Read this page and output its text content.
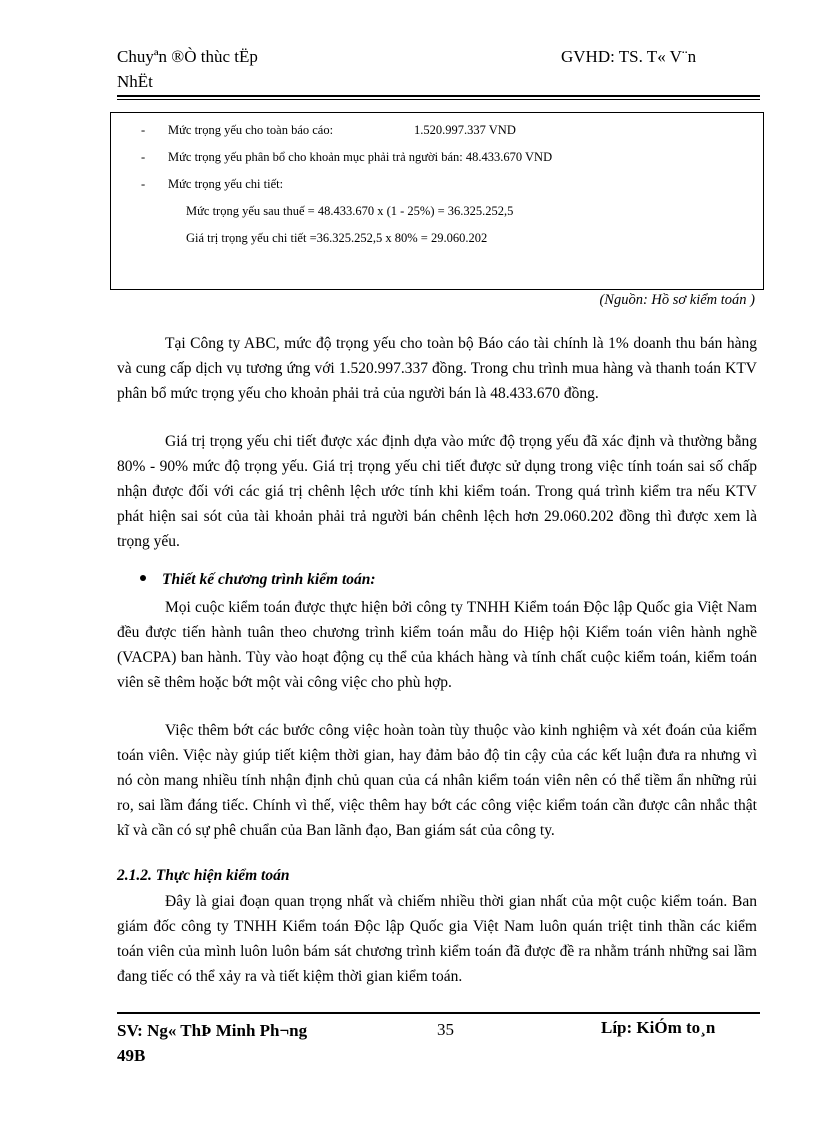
Chuyªn ®Ò thùc tËp
NhËt
GVHD: TS. T« V¨n
- Mức trọng yếu cho toàn báo cáo:	1.520.997.337 VND
- Mức trọng yếu phân bổ cho khoản mục phải trả người bán: 48.433.670 VND
- Mức trọng yếu chi tiết:
Mức trọng yếu sau thuế = 48.433.670 x (1 - 25%) = 36.325.252,5
Giá trị trọng yếu chi tiết =36.325.252,5 x 80% = 29.060.202
(Nguồn: Hồ sơ kiểm toán )

Tại Công ty ABC, mức độ trọng yếu cho toàn bộ Báo cáo tài chính là 1% doanh thu bán hàng và cung cấp dịch vụ tương ứng với 1.520.997.337 đồng. Trong chu trình mua hàng và thanh toán KTV phân bổ mức trọng yếu cho khoản phải trả của người bán là 48.433.670 đồng.

Giá trị trọng yếu chi tiết được xác định dựa vào mức độ trọng yếu đã xác định và thường bằng 80% - 90% mức độ trọng yếu. Giá trị trọng yếu chi tiết được sử dụng trong việc tính toán sai số chấp nhận được đối với các giá trị chênh lệch ước tính khi kiểm toán. Trong quá trình kiểm tra nếu KTV phát hiện sai sót của tài khoản phải trả người bán chênh lệch hơn 29.060.202 đồng thì được xem là trọng yếu.

Thiết kế chương trình kiểm toán:

Mọi cuộc kiểm toán được thực hiện bởi công ty TNHH Kiểm toán Độc lập Quốc gia Việt Nam đều được tiến hành tuân theo chương trình kiểm toán mẫu do Hiệp hội Kiểm toán viên hành nghề (VACPA) ban hành. Tùy vào hoạt động cụ thể của khách hàng và tính chất cuộc kiểm toán, kiểm toán viên sẽ thêm hoặc bớt một vài công việc cho phù hợp.

Việc thêm bớt các bước công việc hoàn toàn tùy thuộc vào kinh nghiệm và xét đoán của kiểm toán viên. Việc này giúp tiết kiệm thời gian, hay đảm bảo độ tin cậy của các kết luận đưa ra nhưng vì nó còn mang nhiều tính nhận định chủ quan của cá nhân kiểm toán viên nên có thể tiềm ẩn những rủi ro, sai lầm đáng tiếc. Chính vì thế, việc thêm hay bớt các công việc kiểm toán cần được cân nhắc thật kĩ và cần có sự phê chuẩn của Ban lãnh đạo, Ban giám sát của công ty.

2.1.2. Thực hiện kiểm toán

Đây là giai đoạn quan trọng nhất và chiếm nhiều thời gian nhất của một cuộc kiểm toán. Ban giám đốc công ty TNHH Kiểm toán Độc lập Quốc gia Việt Nam luôn quán triệt tinh thần các kiểm toán viên của mình luôn luôn bám sát chương trình kiểm toán đã được đề ra nhằm tránh những sai lầm đang tiếc có thể xảy ra và tiết kiệm thời gian kiểm toán.

SV: Ng« ThÞ Minh Ph¬ng
49B
35	Líp: KiÓm to¸n
